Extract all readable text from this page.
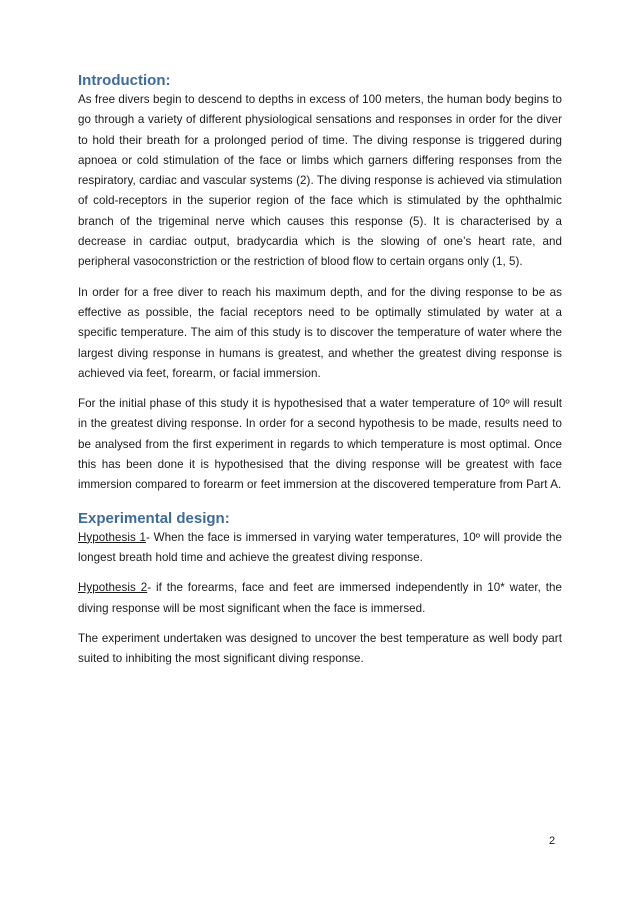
Introduction:

As free divers begin to descend to depths in excess of 100 meters, the human body begins to go through a variety of different physiological sensations and responses in order for the diver to hold their breath for a prolonged period of time. The diving response is triggered during apnoea or cold stimulation of the face or limbs which garners differing responses from the respiratory, cardiac and vascular systems (2). The diving response is achieved via stimulation of cold-receptors in the superior region of the face which is stimulated by the ophthalmic branch of the trigeminal nerve which causes this response (5). It is characterised by a decrease in cardiac output, bradycardia which is the slowing of one’s heart rate, and peripheral vasoconstriction or the restriction of blood flow to certain organs only (1, 5).

In order for a free diver to reach his maximum depth, and for the diving response to be as effective as possible, the facial receptors need to be optimally stimulated by water at a specific temperature. The aim of this study is to discover the temperature of water where the largest diving response in humans is greatest, and whether the greatest diving response is achieved via feet, forearm, or facial immersion.

For the initial phase of this study it is hypothesised that a water temperature of 10º will result in the greatest diving response. In order for a second hypothesis to be made, results need to be analysed from the first experiment in regards to which temperature is most optimal. Once this has been done it is hypothesised that the diving response will be greatest with face immersion compared to forearm or feet immersion at the discovered temperature from Part A.

Experimental design:

Hypothesis 1- When the face is immersed in varying water temperatures, 10º will provide the longest breath hold time and achieve the greatest diving response.

Hypothesis 2- if the forearms, face and feet are immersed independently in 10* water, the diving response will be most significant when the face is immersed.

The experiment undertaken was designed to uncover the best temperature as well body part suited to inhibiting the most significant diving response.

2
